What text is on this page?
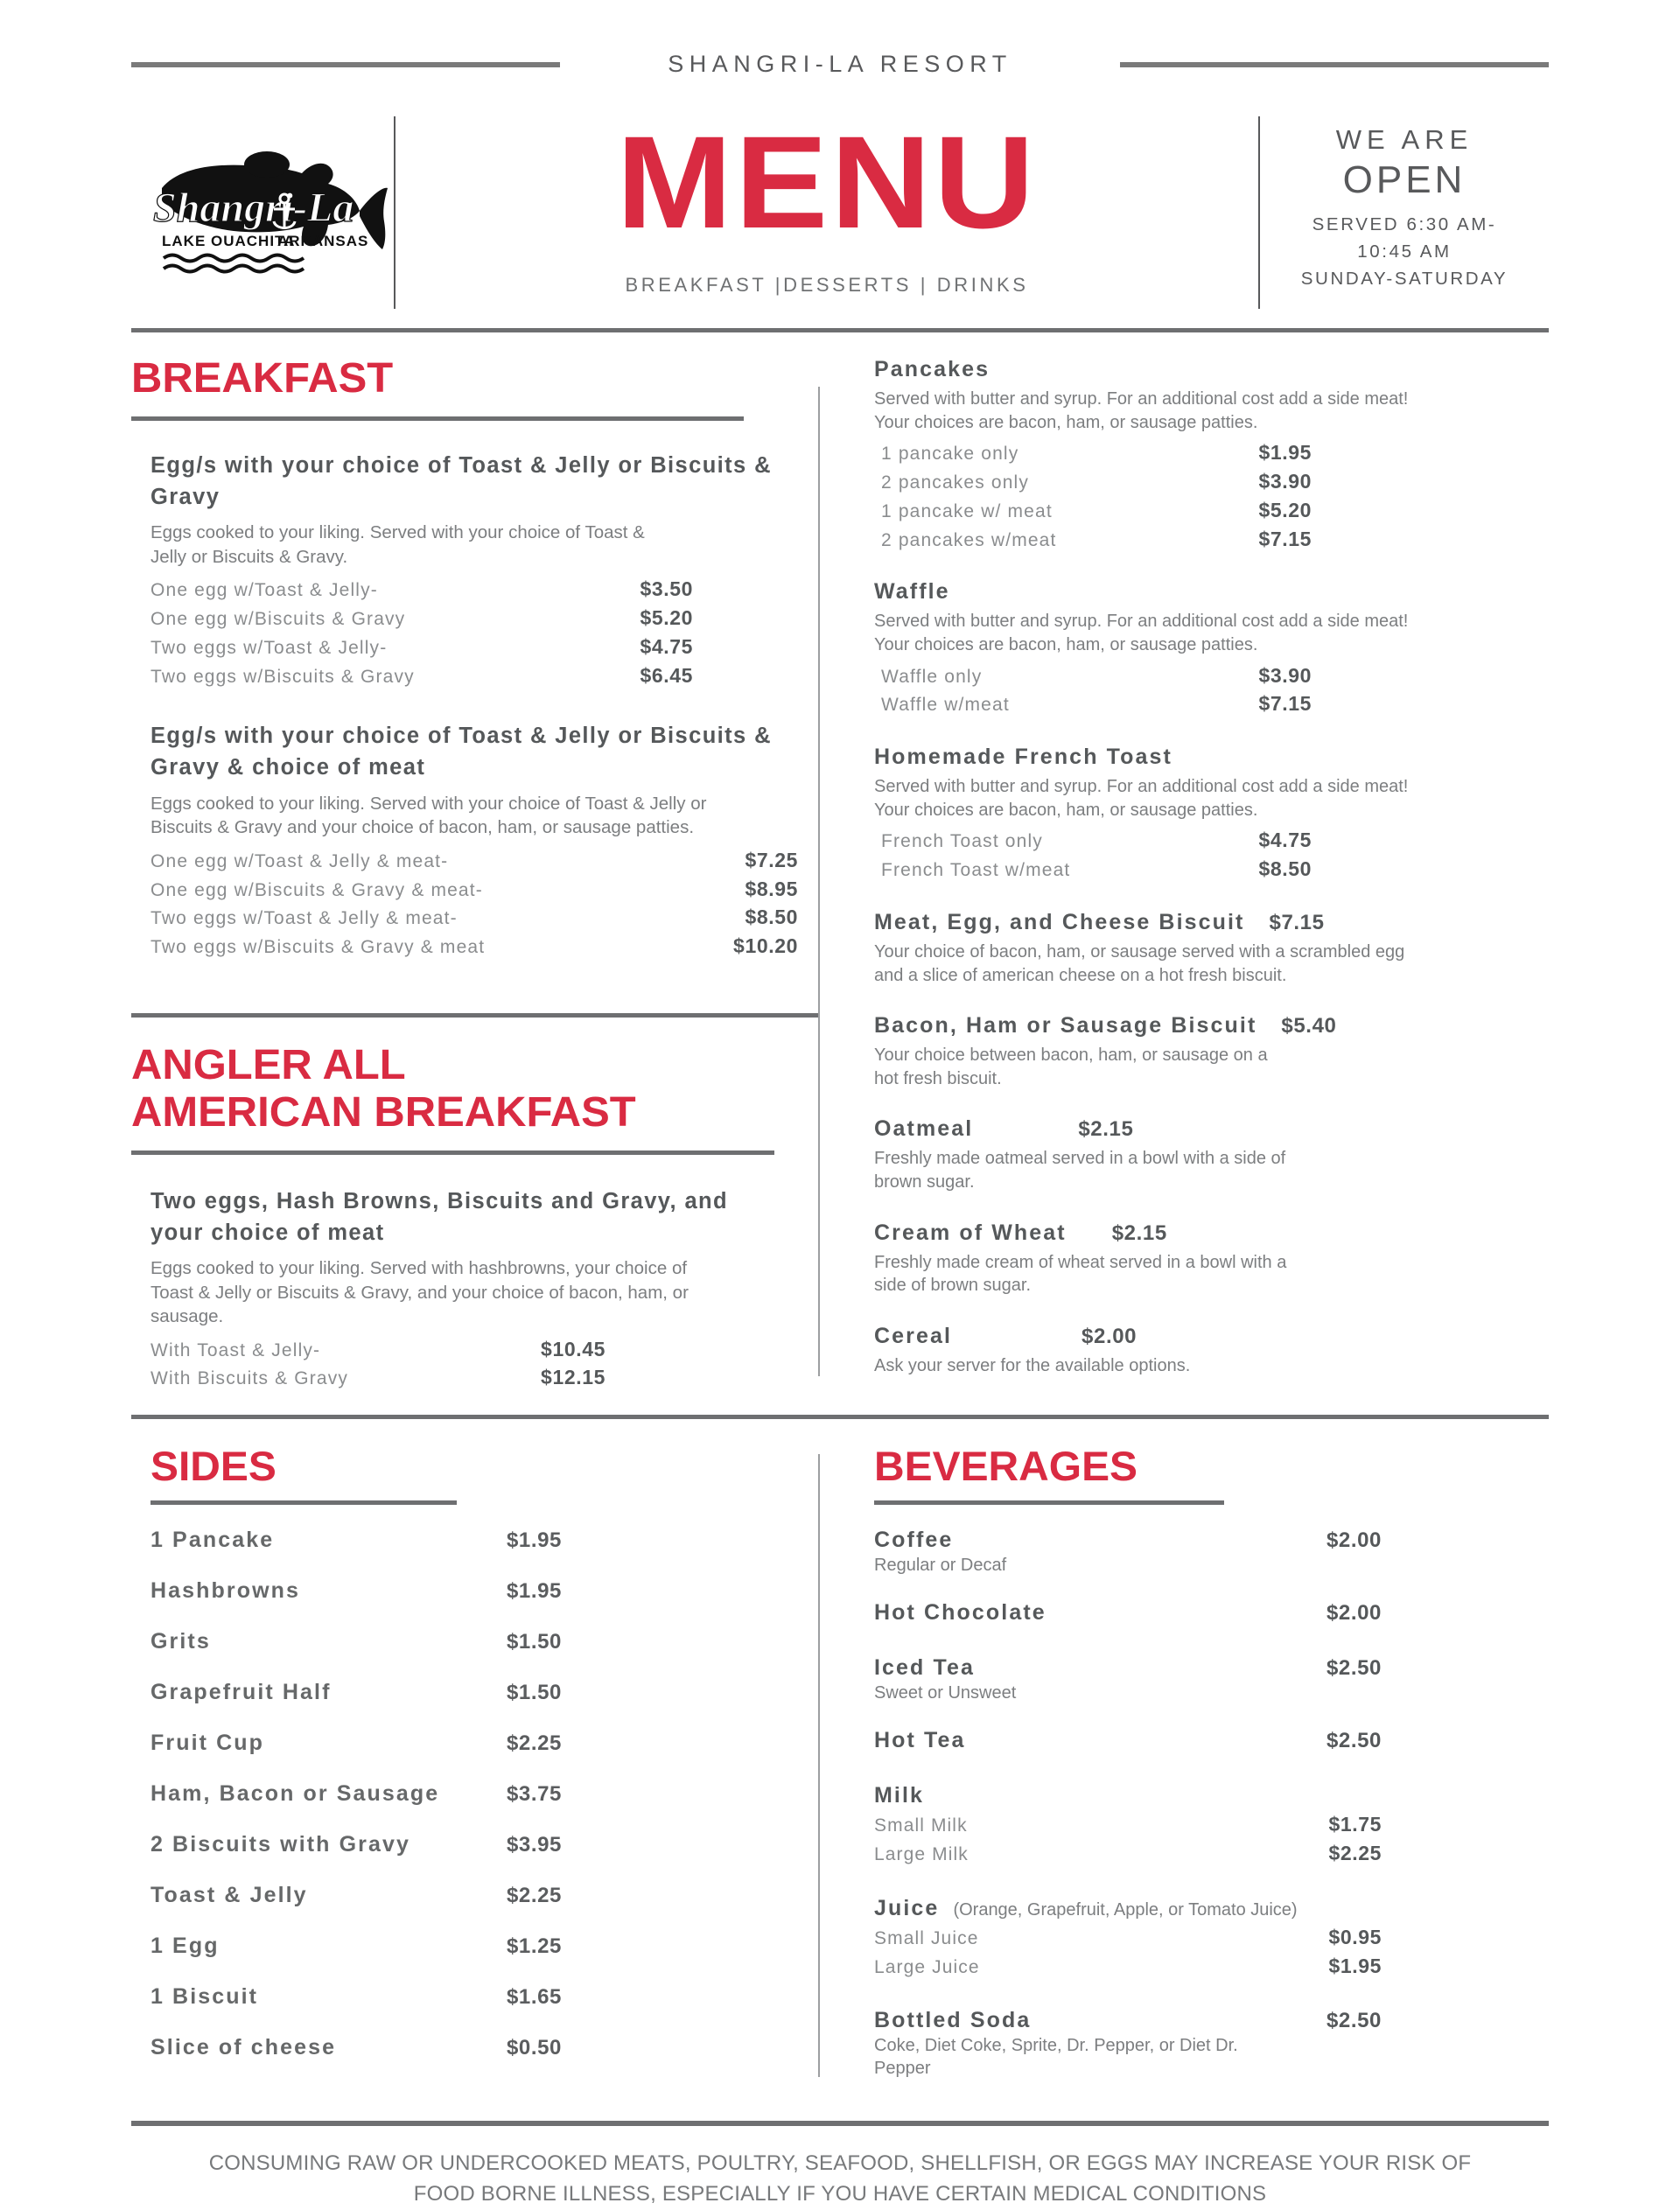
SHANGRI-LA RESORT
Shangri-La
LAKE OUACHITA
ARKANSAS MENU
BREAKFAST |DESSERTS | DRINKS
WE ARE
OPEN
SERVED 6:30 AM-
10:45 AM
SUNDAY-SATURDAY
BREAKFAST
Egg/s with your choice of Toast & Jelly or Biscuits & Gravy
Eggs cooked to your liking. Served with your choice of Toast & Jelly or Biscuits & Gravy.
One egg w/Toast & Jelly-	$3.50
One egg w/Biscuits & Gravy	$5.20
Two eggs w/Toast & Jelly-	$4.75
Two eggs w/Biscuits & Gravy	$6.45
Egg/s with your choice of Toast & Jelly or Biscuits & Gravy & choice of meat
Eggs cooked to your liking. Served with your choice of Toast & Jelly or Biscuits & Gravy and your choice of bacon, ham, or sausage patties.
One egg w/Toast & Jelly & meat-	$7.25
One egg w/Biscuits & Gravy & meat-	$8.95
Two eggs w/Toast & Jelly & meat-	$8.50
Two eggs w/Biscuits & Gravy & meat	$10.20
ANGLER ALL
AMERICAN BREAKFAST
Two eggs, Hash Browns, Biscuits and Gravy, and your choice of meat
Eggs cooked to your liking. Served with hashbrowns, your choice of Toast & Jelly or Biscuits & Gravy, and your choice of bacon, ham, or sausage.
With Toast & Jelly-	$10.45
With Biscuits & Gravy	$12.15
Pancakes
Served with butter and syrup. For an additional cost add a side meat! Your choices are bacon, ham, or sausage patties.
1 pancake only	$1.95
2 pancakes only	$3.90
1 pancake w/ meat	$5.20
2 pancakes w/meat	$7.15
Waffle
Served with butter and syrup. For an additional cost add a side meat! Your choices are bacon, ham, or sausage patties.
Waffle only	$3.90
Waffle w/meat	$7.15
Homemade French Toast
Served with butter and syrup. For an additional cost add a side meat! Your choices are bacon, ham, or sausage patties.
French Toast only	$4.75
French Toast w/meat	$8.50
Meat, Egg, and Cheese Biscuit $7.15
Your choice of bacon, ham, or sausage served with a scrambled egg and a slice of american cheese on a hot fresh biscuit.
Bacon, Ham or Sausage Biscuit $5.40
Your choice between bacon, ham, or sausage on a hot fresh biscuit.
Oatmeal	$2.15
Freshly made oatmeal served in a bowl with a side of brown sugar.
Cream of Wheat $2.15
Freshly made cream of wheat served in a bowl with a side of brown sugar.
Cereal	$2.00
Ask your server for the available options.
SIDES
1 Pancake	$1.95
Hashbrowns	$1.95
Grits	$1.50
Grapefruit Half	$1.50
Fruit Cup	$2.25
Ham, Bacon or Sausage	$3.75
2 Biscuits with Gravy	$3.95
Toast & Jelly	$2.25
1 Egg	$1.25
1 Biscuit	$1.65
Slice of cheese	$0.50
BEVERAGES
Coffee	$2.00
Regular or Decaf
Hot Chocolate	$2.00
Iced Tea	$2.50
Sweet or Unsweet
Hot Tea	$2.50
Milk
Small Milk	$1.75
Large Milk	$2.25
Juice (Orange, Grapefruit, Apple, or Tomato Juice)
Small Juice	$0.95
Large Juice	$1.95
Bottled Soda	$2.50
Coke, Diet Coke, Sprite, Dr. Pepper, or Diet Dr. Pepper
CONSUMING RAW OR UNDERCOOKED MEATS, POULTRY, SEAFOOD, SHELLFISH, OR EGGS MAY INCREASE YOUR RISK OF
FOOD BORNE ILLNESS, ESPECIALLY IF YOU HAVE CERTAIN MEDICAL CONDITIONS
